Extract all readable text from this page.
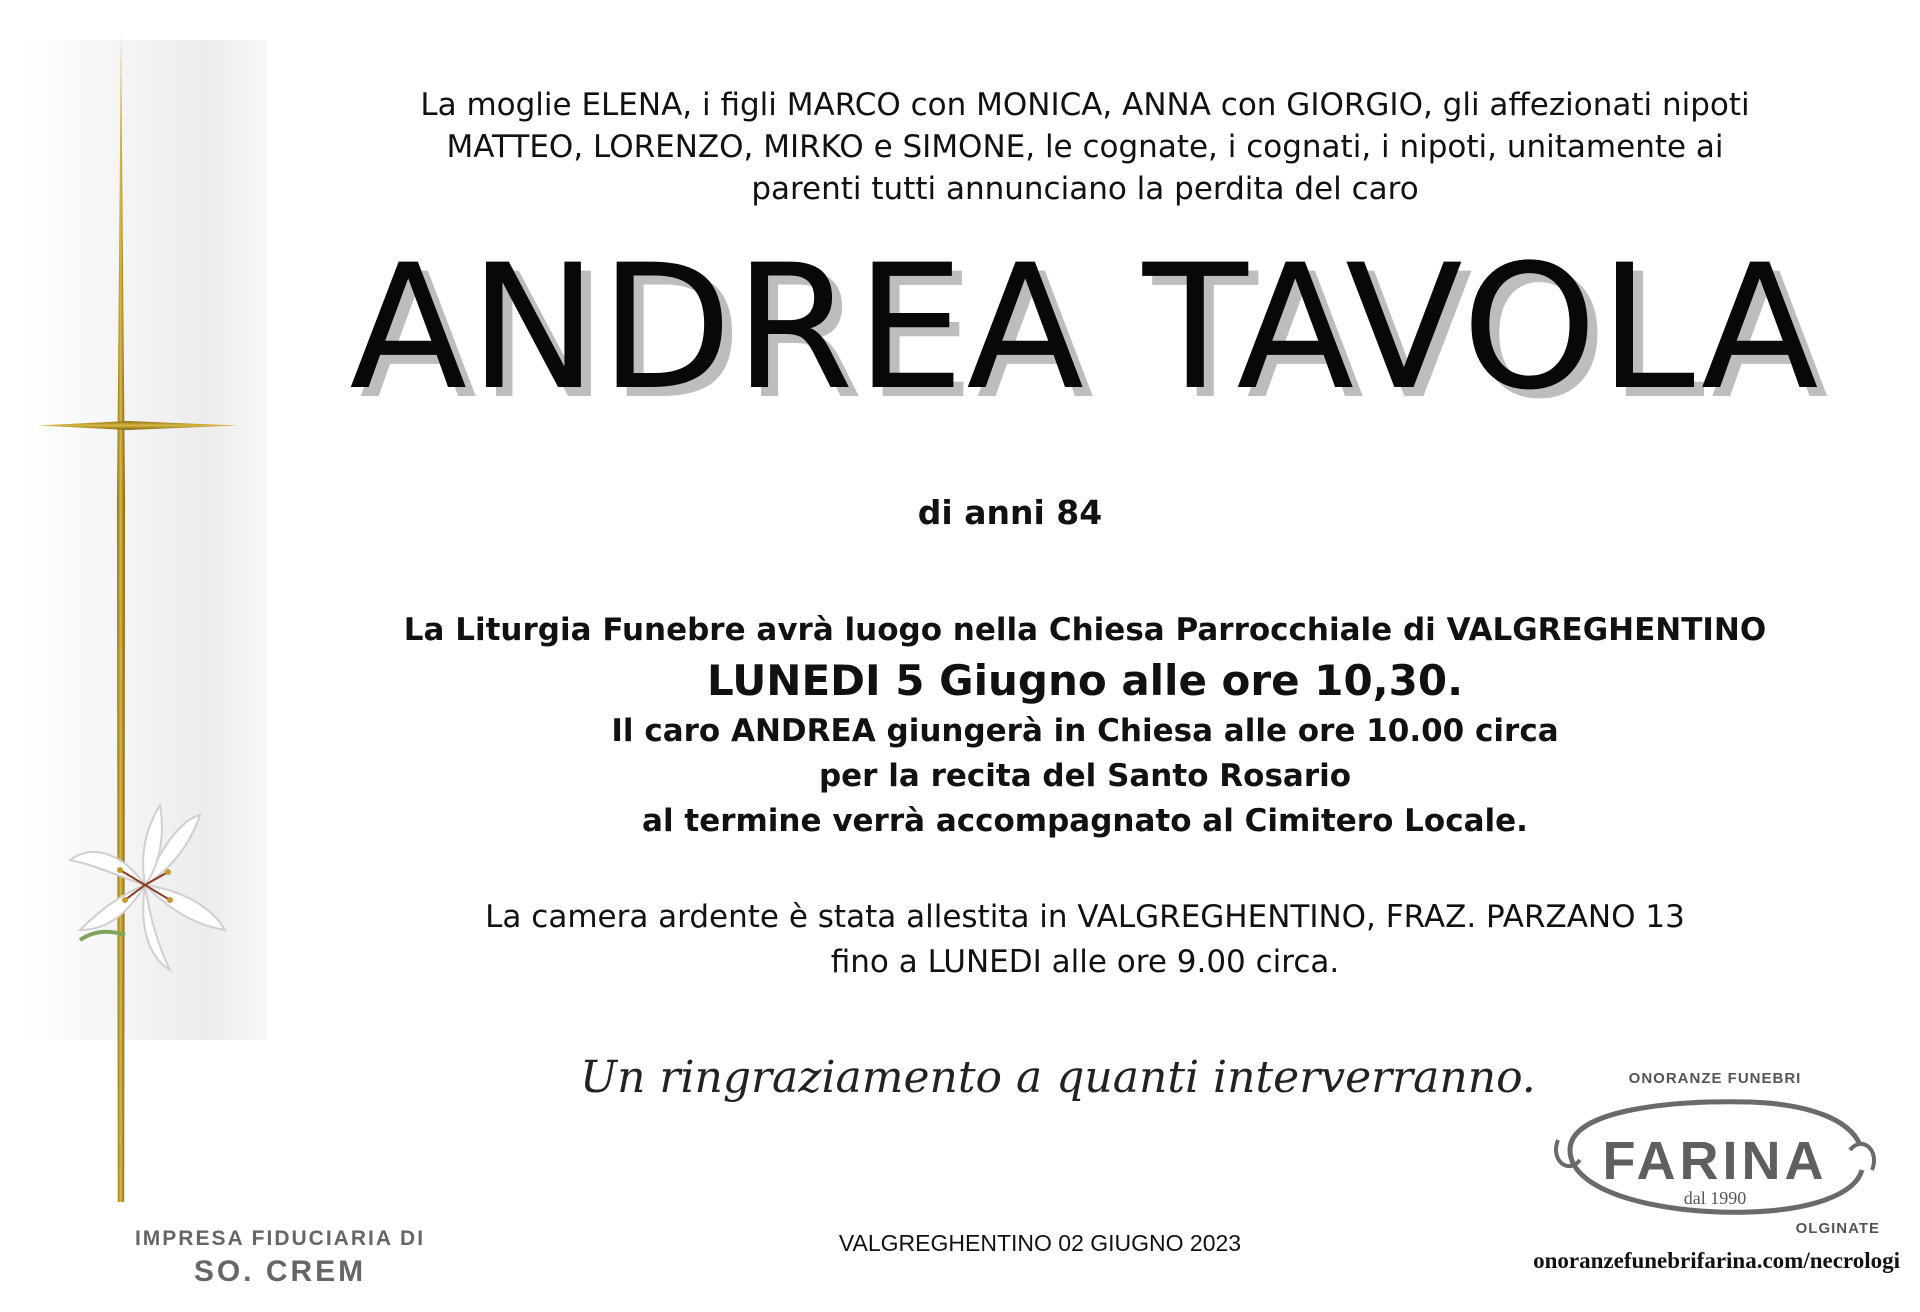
La moglie ELENA, i figli MARCO con MONICA, ANNA con GIORGIO, gli affezionati nipoti
MATTEO, LORENZO, MIRKO e SIMONE, le cognate, i cognati, i nipoti, unitamente ai
parenti tutti annunciano la perdita del caro
ANDREA TAVOLA
di anni 84
La Liturgia Funebre avrà luogo nella Chiesa Parrocchiale di VALGREGHENTINO
LUNEDI 5 Giugno alle ore 10,30.
Il caro ANDREA giungerà in Chiesa alle ore 10.00 circa
per la recita del Santo Rosario
al termine verrà accompagnato al Cimitero Locale.
La camera ardente è stata allestita in VALGREGHENTINO, FRAZ. PARZANO 13
fino a LUNEDI alle ore 9.00 circa.
Un ringraziamento a quanti interverranno.
VALGREGHENTINO 02 GIUGNO 2023
IMPRESA FIDUCIARIA DI
SO. CREM
ONORANZE FUNEBRI
FARINA
dal 1990
OLGINATE
onoranzefunebrifarina.com/necrologi
